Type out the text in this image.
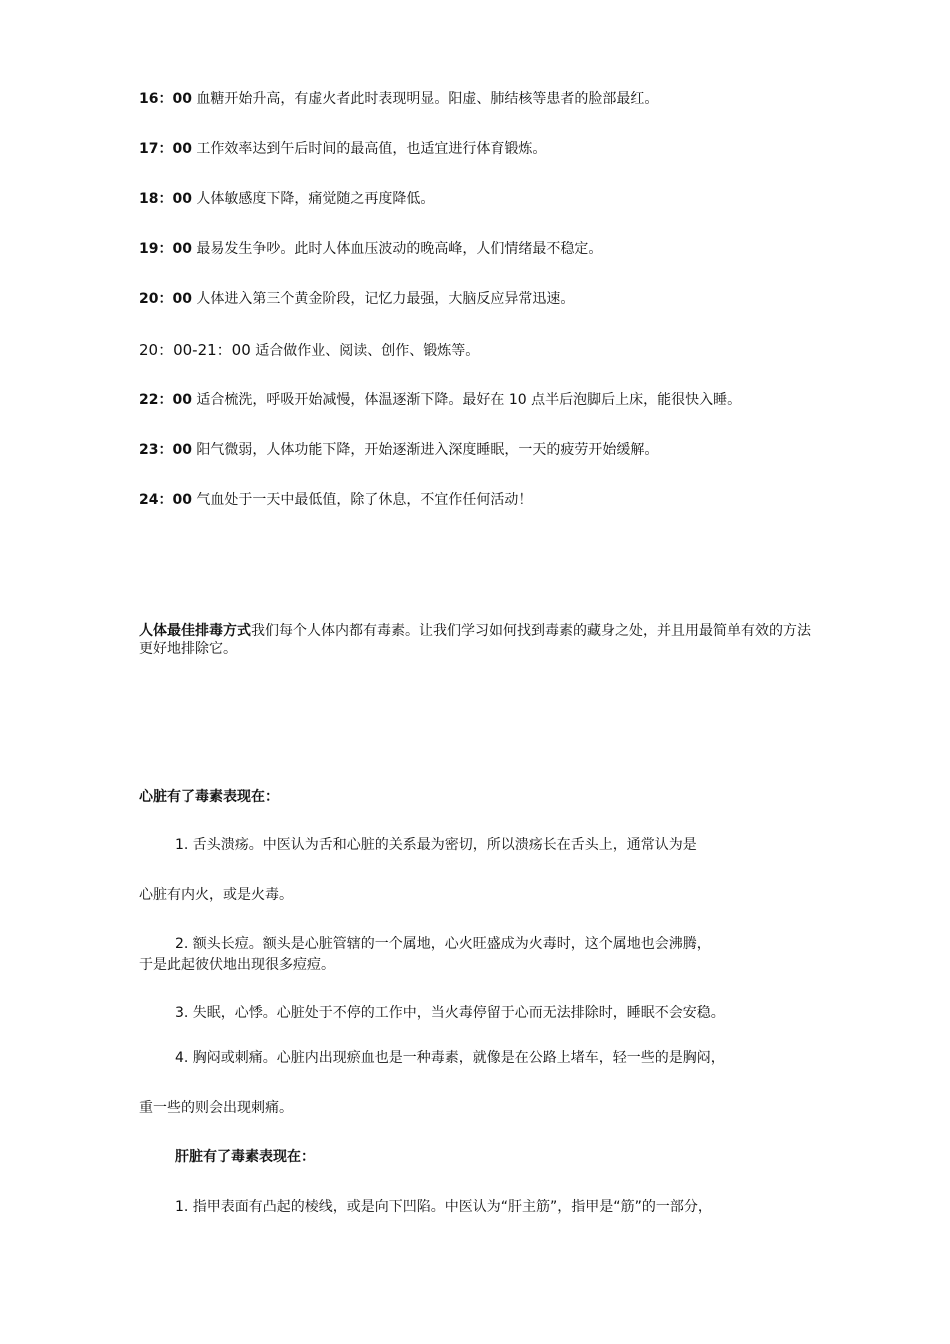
16：00 血糖开始升高，有虚火者此时表现明显。阳虚、肺结核等患者的脸部最红。
17：00 工作效率达到午后时间的最高值，也适宜进行体育锻炼。
18：00 人体敏感度下降，痛觉随之再度降低。
19：00 最易发生争吵。此时人体血压波动的晚高峰，人们情绪最不稳定。
20：00 人体进入第三个黄金阶段，记忆力最强，大脑反应异常迅速。
20：00-21：00 适合做作业、阅读、创作、锻炼等。
22：00 适合梳洗，呼吸开始减慢，体温逐渐下降。最好在 10 点半后泡脚后上床，能很快入睡。
23：00 阳气微弱，人体功能下降，开始逐渐进入深度睡眠，一天的疲劳开始缓解。
24：00 气血处于一天中最低值，除了休息，不宜作任何活动！
人体最佳排毒方式我们每个人体内都有毒素。让我们学习如何找到毒素的藏身之处，并且用最简单有效的方法更好地排除它。
心脏有了毒素表现在：
1. 舌头溃疡。中医认为舌和心脏的关系最为密切，所以溃疡长在舌头上，通常认为是
心脏有内火，或是火毒。
2. 额头长痘。额头是心脏管辖的一个属地，心火旺盛成为火毒时，这个属地也会沸腾，
于是此起彼伏地出现很多痘痘。
3. 失眠，心悸。心脏处于不停的工作中，当火毒停留于心而无法排除时，睡眠不会安稳。
4. 胸闷或刺痛。心脏内出现瘀血也是一种毒素，就像是在公路上堵车，轻一些的是胸闷，
重一些的则会出现刺痛。
肝脏有了毒素表现在：
1. 指甲表面有凸起的棱线，或是向下凹陷。中医认为“肝主筋”，指甲是“筋”的一部分，
